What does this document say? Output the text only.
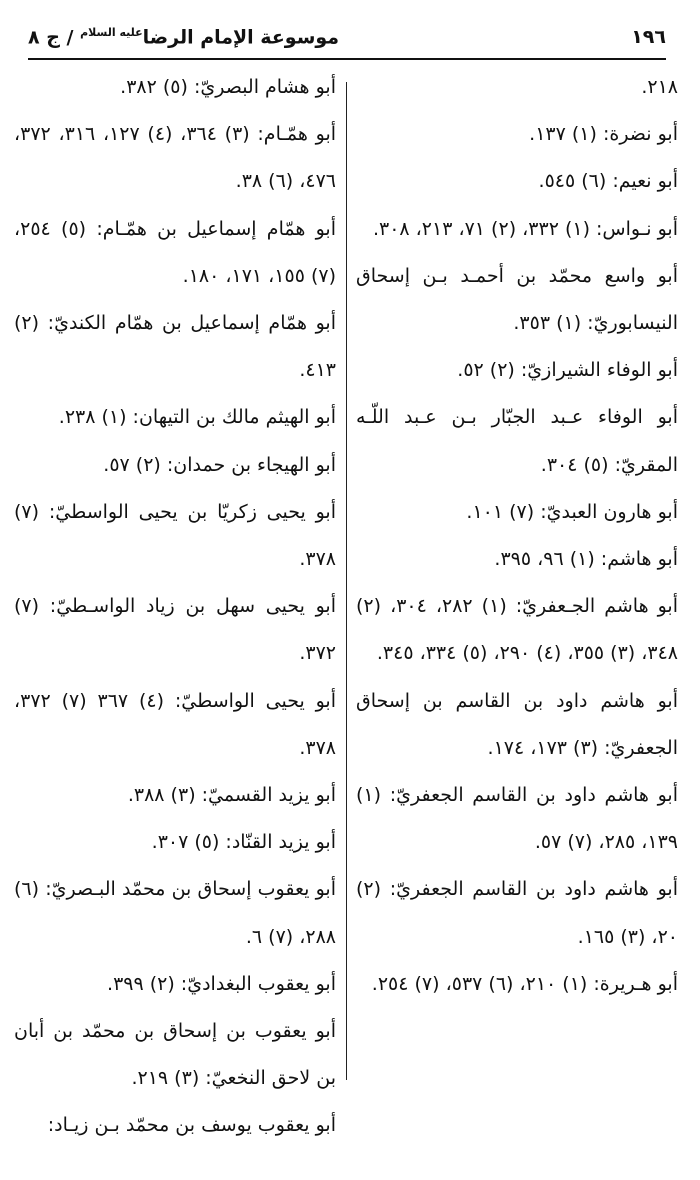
١٩٦
موسوعة الإمام الرضا$^{عليه السلام}$ / ج ٨
٢١٨.
أبو نضرة: (١) ١٣٧.
أبو نعيم: (٦) ٥٤٥.
أبو نـواس: (١) ٣٣٢، (٢) ٧١، ٢١٣، ٣٠٨.
أبو واسع محمّد بن أحمـد بـن إسحاق النيسابوريّ: (١) ٣٥٣.
أبو الوفاء الشيرازيّ: (٢) ٥٢.
أبو الوفاء عـبد الجبّار بـن عـبد اللّـه المقريّ: (٥) ٣٠٤.
أبو هارون العبديّ: (٧) ١٠١.
أبو هاشم: (١) ٩٦، ٣٩٥.
أبو هاشم الجـعفريّ: (١) ٢٨٢، ٣٠٤، (٢) ٣٤٨، (٣) ٣٥٥، (٤) ٢٩٠، (٥) ٣٣٤، ٣٤٥.
أبو هاشم داود بن القاسم بن إسحاق الجعفريّ: (٣) ١٧٣، ١٧٤.
أبو هاشم داود بن القاسم الجعفريّ: (١) ١٣٩، ٢٨٥، (٧) ٥٧.
أبو هاشم داود بن القاسم الجعفريّ: (٢) ٢٠، (٣) ١٦٥.
أبو هـريرة: (١) ٢١٠، (٦) ٥٣٧، (٧) ٢٥٤.
أبو هشام البصريّ: (٥) ٣٨٢.
أبو همّـام: (٣) ٣٦٤، (٤) ١٢٧، ٣١٦، ٣٧٢، ٤٧٦، (٦) ٣٨.
أبو همّام إسماعيل بن همّـام: (٥) ٢٥٤، (٧) ١٥٥، ١٧١، ١٨٠.
أبو همّام إسماعيل بن همّام الكنديّ: (٢) ٤١٣.
أبو الهيثم مالك بن التيهان: (١) ٢٣٨.
أبو الهيجاء بن حمدان: (٢) ٥٧.
أبو يحيى زكريّا بن يحيى الواسطيّ: (٧) ٣٧٨.
أبو يحيى سهل بن زياد الواسـطيّ: (٧) ٣٧٢.
أبو يحيى الواسطيّ: (٤) ٣٦٧ (٧) ٣٧٢، ٣٧٨.
أبو يزيد القسميّ: (٣) ٣٨٨.
أبو يزيد القنّاد: (٥) ٣٠٧.
أبو يعقوب إسحاق بن محمّد البـصريّ: (٦) ٢٨٨، (٧) ٦.
أبو يعقوب البغداديّ: (٢) ٣٩٩.
أبو يعقوب بن إسحاق بن محمّد بن أبان بن لاحق النخعيّ: (٣) ٢١٩.
أبو يعقوب يوسف بن محمّد بـن زيـاد:
